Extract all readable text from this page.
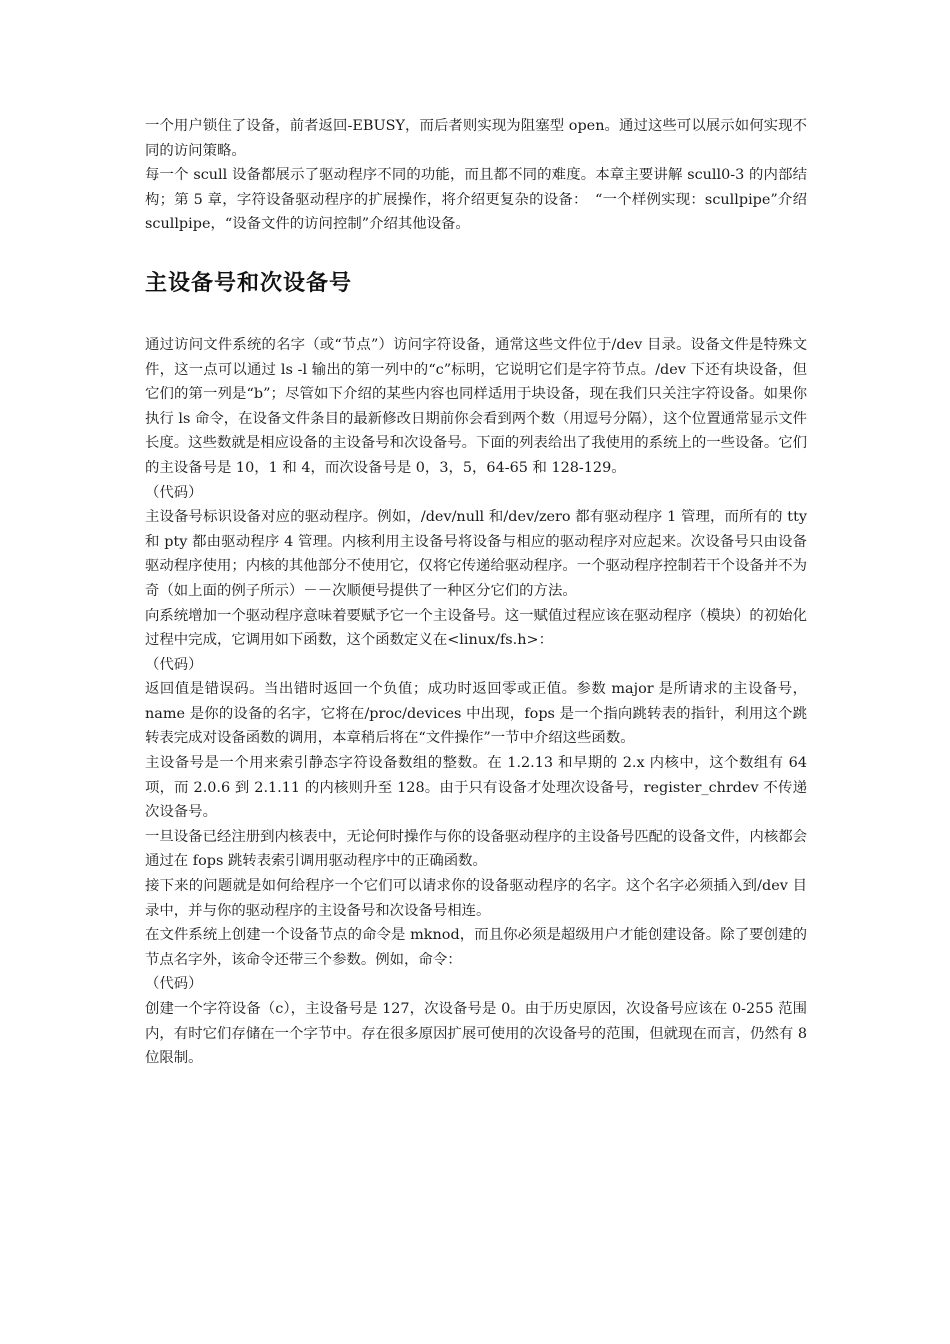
一个用户锁住了设备，前者返回-EBUSY，而后者则实现为阻塞型 open。通过这些可以展示如何实现不同的访问策略。

每一个 scull 设备都展示了驱动程序不同的功能，而且都不同的难度。本章主要讲解 scull0-3 的内部结构；第 5 章，字符设备驱动程序的扩展操作，将介绍更复杂的设备：　“一个样例实现：scullpipe”介绍 scullpipe，“设备文件的访问控制”介绍其他设备。

主设备号和次设备号

通过访问文件系统的名字（或“节点”）访问字符设备，通常这些文件位于/dev 目录。设备文件是特殊文件，这一点可以通过 ls -l 输出的第一列中的“c”标明，它说明它们是字符节点。/dev 下还有块设备，但它们的第一列是“b”；尽管如下介绍的某些内容也同样适用于块设备，现在我们只关注字符设备。如果你执行 ls 命令，在设备文件条目的最新修改日期前你会看到两个数（用逗号分隔），这个位置通常显示文件长度。这些数就是相应设备的主设备号和次设备号。下面的列表给出了我使用的系统上的一些设备。它们的主设备号是 10，1 和 4，而次设备号是 0，3，5，64-65 和 128-129。

（代码）

主设备号标识设备对应的驱动程序。例如，/dev/null 和/dev/zero 都有驱动程序 1 管理，而所有的 tty 和 pty 都由驱动程序 4 管理。内核利用主设备号将设备与相应的驱动程序对应起来。次设备号只由设备驱动程序使用；内核的其他部分不使用它，仅将它传递给驱动程序。一个驱动程序控制若干个设备并不为奇（如上面的例子所示）－－次顺便号提供了一种区分它们的方法。

向系统增加一个驱动程序意味着要赋予它一个主设备号。这一赋值过程应该在驱动程序（模块）的初始化过程中完成，它调用如下函数，这个函数定义在<linux/fs.h>：

（代码）

返回值是错误码。当出错时返回一个负值；成功时返回零或正值。参数 major 是所请求的主设备号，name 是你的设备的名字，它将在/proc/devices 中出现，fops 是一个指向跳转表的指针，利用这个跳转表完成对设备函数的调用，本章稍后将在“文件操作”一节中介绍这些函数。

主设备号是一个用来索引静态字符设备数组的整数。在 1.2.13 和早期的 2.x 内核中，这个数组有 64 项，而 2.0.6 到 2.1.11 的内核则升至 128。由于只有设备才处理次设备号，register_chrdev 不传递次设备号。

一旦设备已经注册到内核表中，无论何时操作与你的设备驱动程序的主设备号匹配的设备文件，内核都会通过在 fops 跳转表索引调用驱动程序中的正确函数。

接下来的问题就是如何给程序一个它们可以请求你的设备驱动程序的名字。这个名字必须插入到/dev 目录中，并与你的驱动程序的主设备号和次设备号相连。

在文件系统上创建一个设备节点的命令是 mknod，而且你必须是超级用户才能创建设备。除了要创建的节点名字外，该命令还带三个参数。例如，命令：

（代码）

创建一个字符设备（c），主设备号是 127，次设备号是 0。由于历史原因，次设备号应该在 0-255 范围内，有时它们存储在一个字节中。存在很多原因扩展可使用的次设备号的范围，但就现在而言，仍然有 8 位限制。
